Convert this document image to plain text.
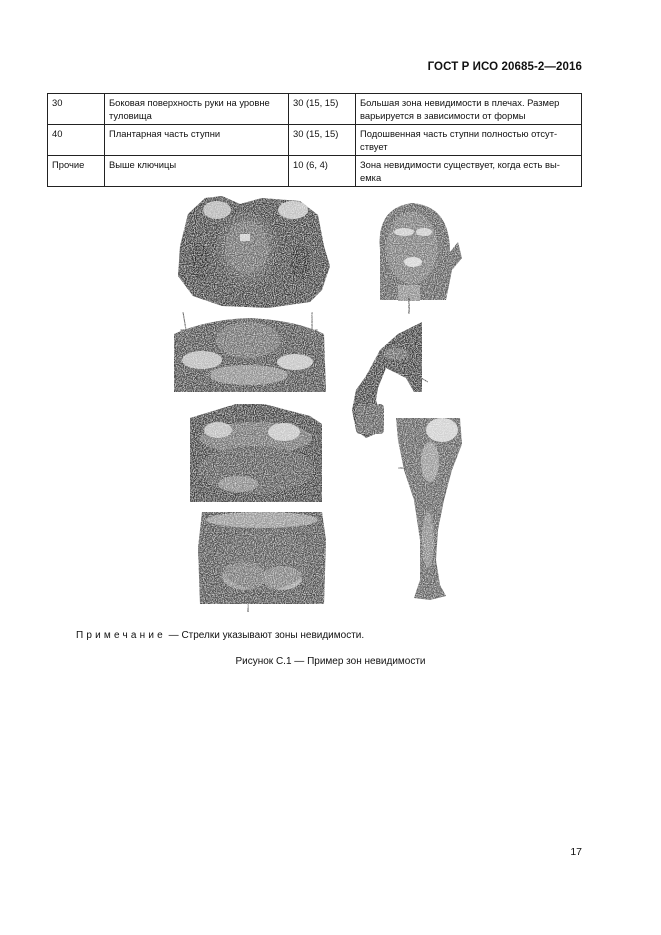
ГОСТ Р ИСО 20685-2—2016
30	Боковая поверхность руки на уровне туловища	30 (15, 15)	Большая зона невидимости в плечах. Размер варьируется в зависимости от формы
40	Плантарная часть ступни	30 (15, 15)	Подошвенная часть ступни полностью отсутствует
Прочие	Выше ключицы	10 (6, 4)	Зона невидимости существует, когда есть выемка
Примечание — Стрелки указывают зоны невидимости.
Рисунок С.1 — Пример зон невидимости
17
